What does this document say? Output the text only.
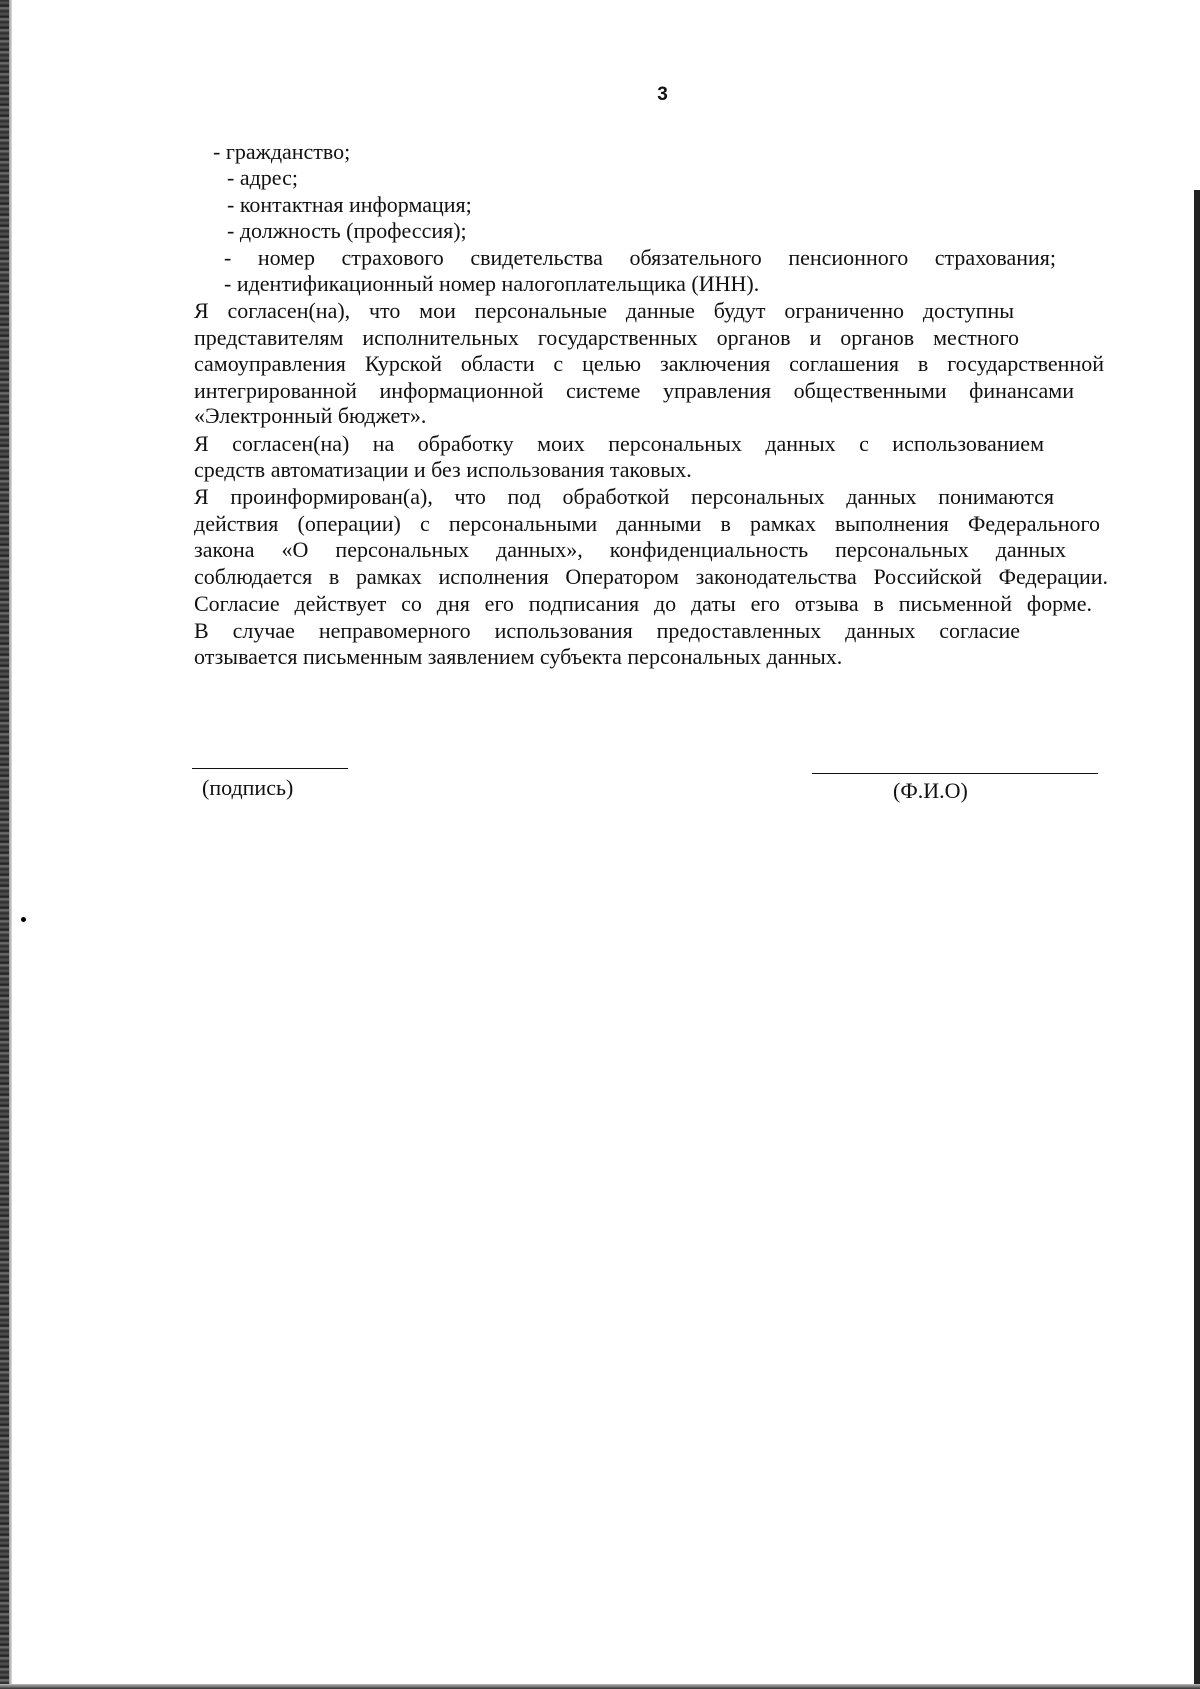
3

- гражданство;

- адрес;

- контактная информация;

- должность (профессия);

- номер страхового свидетельства обязательного пенсионного страхования;

- идентификационный номер налогоплательщика (ИНН).

Я согласен(на), что мои персональные данные будут ограниченно доступны

представителям исполнительных государственных органов и органов местного

самоуправления Курской области с целью заключения соглашения в государственной

интегрированной информационной системе управления общественными финансами

«Электронный бюджет».

Я согласен(на) на обработку моих персональных данных с использованием

средств автоматизации и без использования таковых.

Я проинформирован(а), что под обработкой персональных данных понимаются

действия (операции) с персональными данными в рамках выполнения Федерального

закона «О персональных данных», конфиденциальность персональных данных

соблюдается в рамках исполнения Оператором законодательства Российской Федерации.

Согласие действует со дня его подписания до даты его отзыва в письменной форме.

В случае неправомерного использования предоставленных данных согласие

отзывается письменным заявлением субъекта персональных данных.

(подпись)	(Ф.И.О)
